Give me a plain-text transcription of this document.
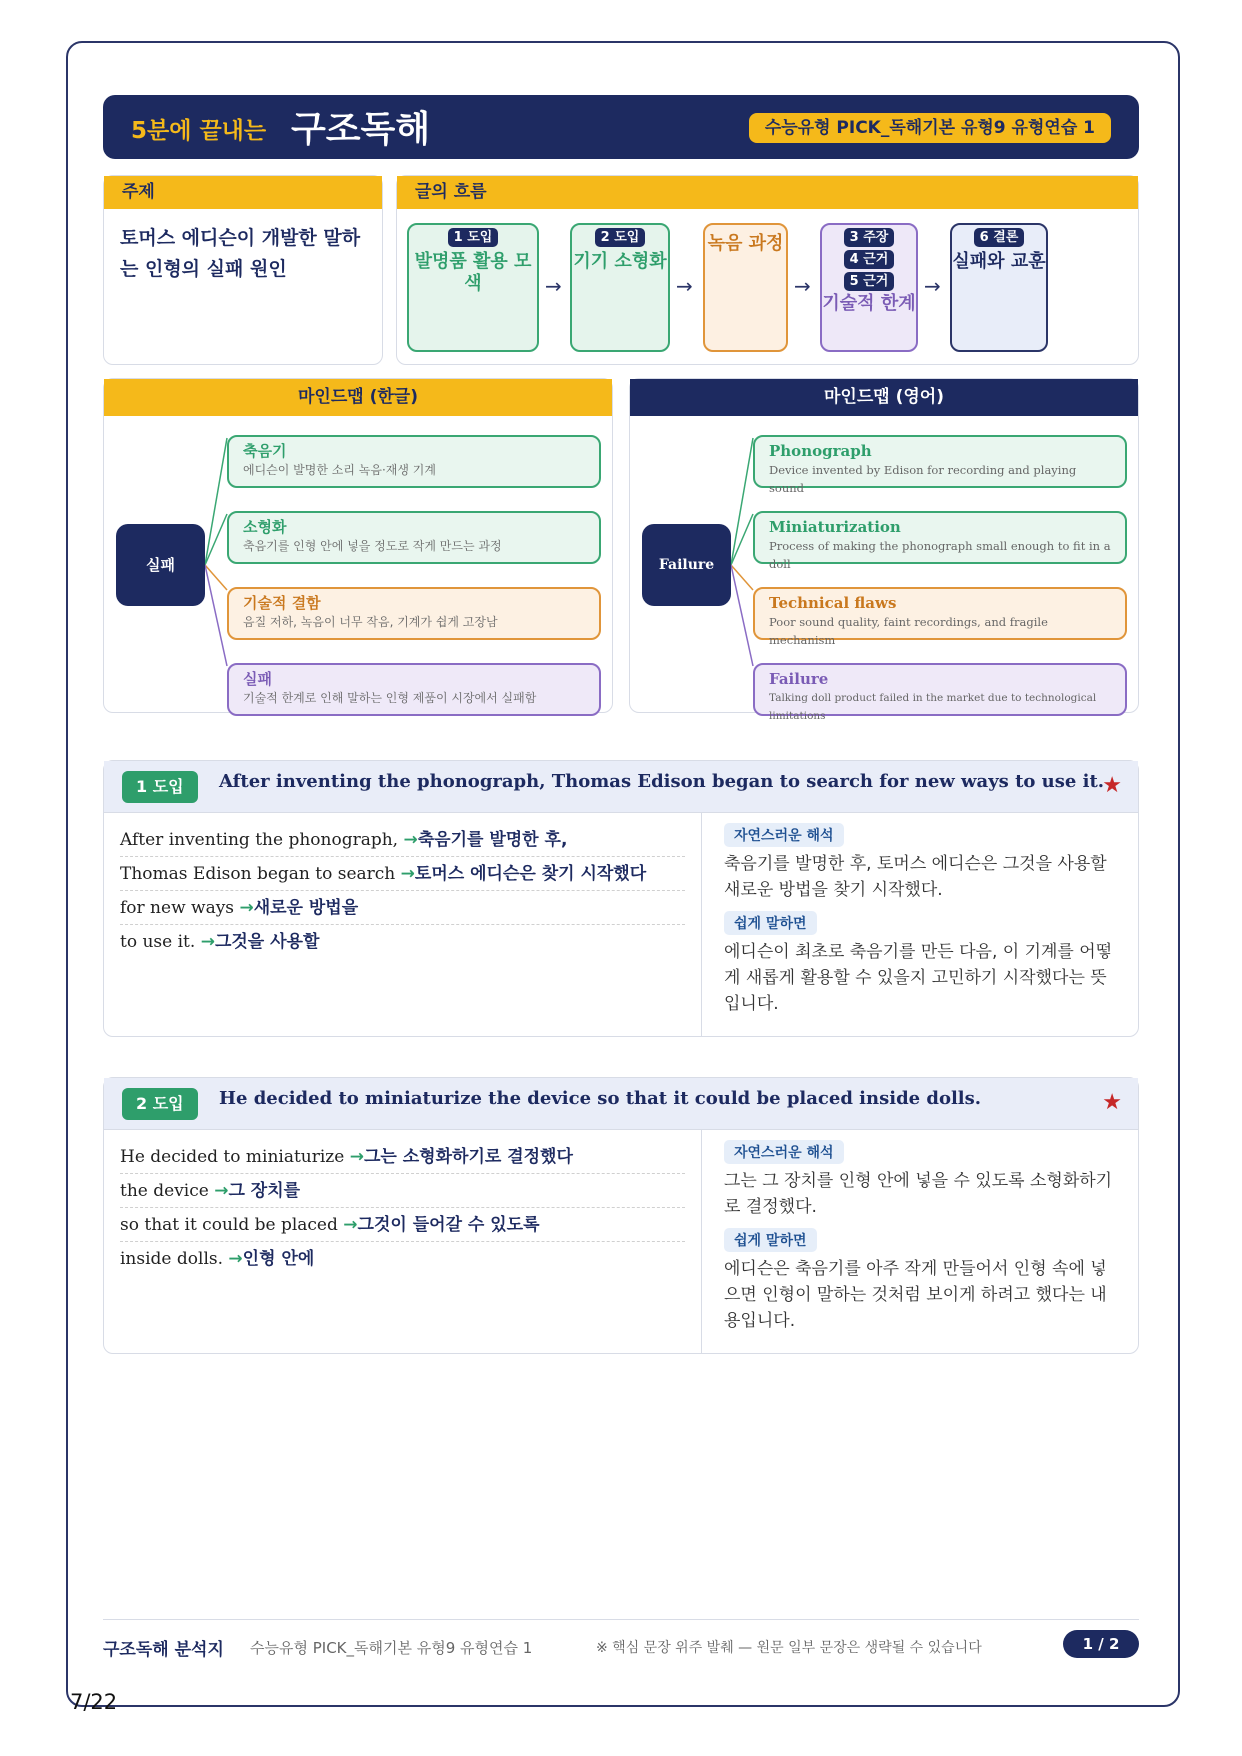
5분에 끝내는 구조독해	수능유형 PICK_독해기본 유형9 유형연습 1
주제
토머스 에디슨이 개발한 말하는 인형의 실패 원인
글의 흐름
1 도입
발명품 활용 모색	→
2 도입
기기 소형화
→
녹음 과정
→
3 주장
4 근거
5 근거
기술적 한계
→
6 결론
실패와 교훈
마인드맵 (한글)
실패
축음기
에디슨이 발명한 소리 녹음·재생 기계
소형화
축음기를 인형 안에 넣을 정도로 작게 만드는 과정
기술적 결함
음질 저하, 녹음이 너무 작음, 기계가 쉽게 고장남
실패
기술적 한계로 인해 말하는 인형 제품이 시장에서 실패함
마인드맵 (영어)
Failure
Phonograph
Device invented by Edison for recording and playing sound
Miniaturization
Process of making the phonograph small enough to fit in a doll
Technical flaws
Poor sound quality, faint recordings, and fragile mechanism
Failure
Talking doll product failed in the market due to technological limitations
1 도입	After inventing the phonograph, Thomas Edison began to search for new ways to use it.
★
After inventing the phonograph, →축음기를 발명한 후,
Thomas Edison began to search →토머스 에디슨은 찾기 시작했다
for new ways →새로운 방법을
to use it. →그것을 사용할
자연스러운 해석
축음기를 발명한 후, 토머스 에디슨은 그것을 사용할 새로운 방법을 찾기 시작했다.
쉽게 말하면
에디슨이 최초로 축음기를 만든 다음, 이 기계를 어떻게 새롭게 활용할 수 있을지 고민하기 시작했다는 뜻입니다.
2 도입	He decided to miniaturize the device so that it could be placed inside dolls.	★
He decided to miniaturize →그는 소형화하기로 결정했다
the device →그 장치를
so that it could be placed →그것이 들어갈 수 있도록
inside dolls. →인형 안에
자연스러운 해석
그는 그 장치를 인형 안에 넣을 수 있도록 소형화하기로 결정했다.
쉽게 말하면
에디슨은 축음기를 아주 작게 만들어서 인형 속에 넣으면 인형이 말하는 것처럼 보이게 하려고 했다는 내용입니다.
구조독해 분석지 수능유형 PICK_독해기본 유형9 유형연습 1	※ 핵심 문장 위주 발췌 — 원문 일부 문장은 생략될 수 있습니다	1 / 2
7/22
